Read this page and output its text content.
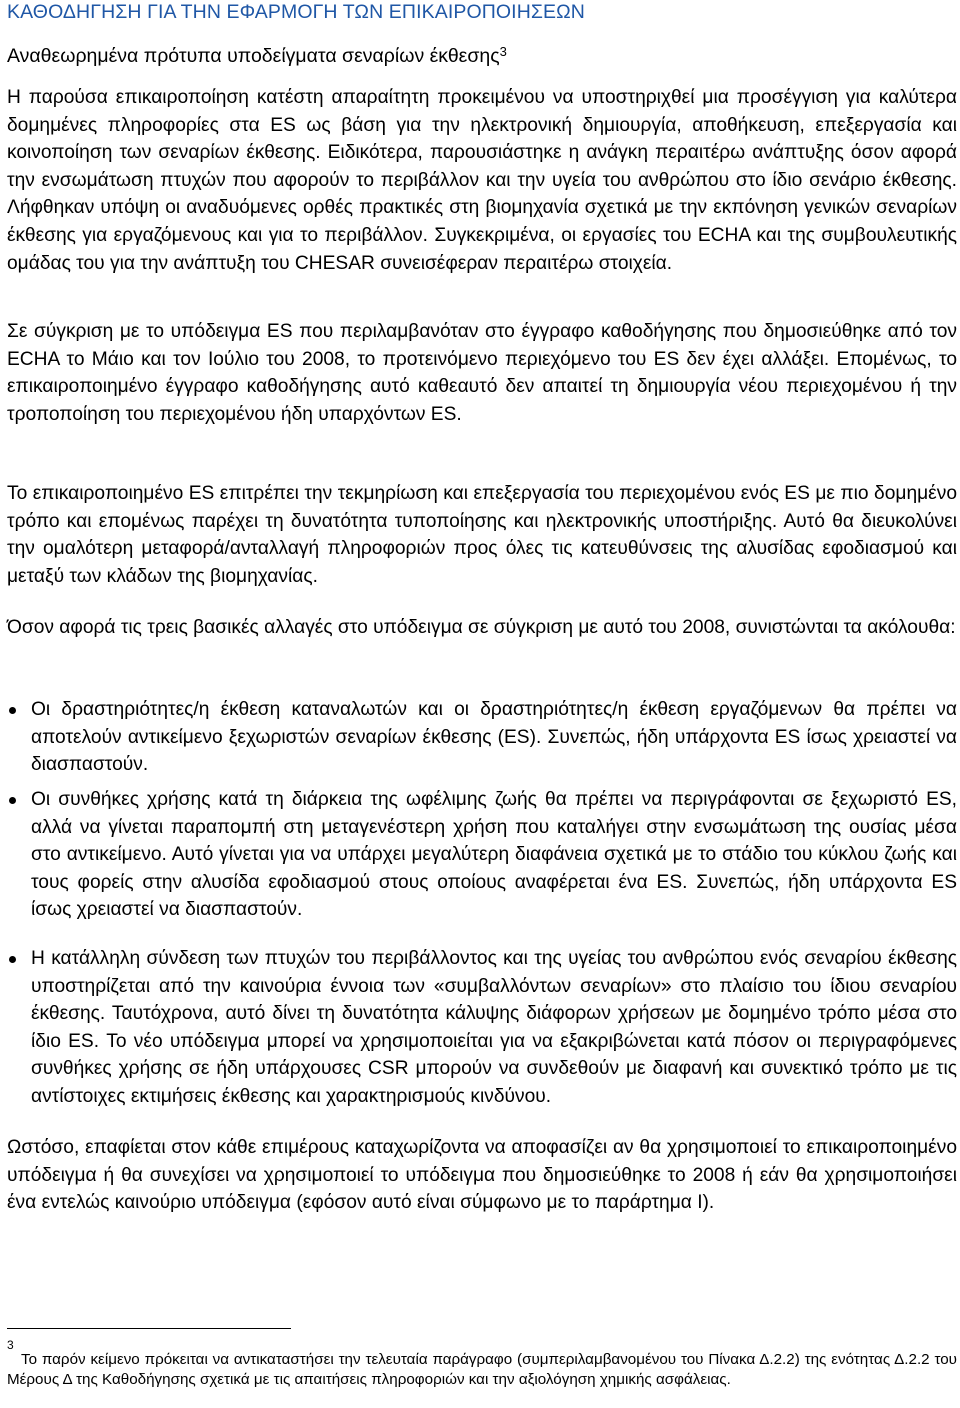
ΚΑΘΟΔΗΓΗΣΗ ΓΙΑ ΤΗΝ ΕΦΑΡΜΟΓΗ ΤΩΝ ΕΠΙΚΑΙΡΟΠΟΙΗΣΕΩΝ

Αναθεωρημένα πρότυπα υποδείγματα σεναρίων έκθεσης$^3$

Η παρούσα επικαιροποίηση κατέστη απαραίτητη προκειμένου να υποστηριχθεί μια προσέγγιση για καλύτερα δομημένες πληροφορίες στα ES ως βάση για την ηλεκτρονική δημιουργία, αποθήκευση, επεξεργασία και κοινοποίηση των σεναρίων έκθεσης. Ειδικότερα, παρουσιάστηκε η ανάγκη περαιτέρω ανάπτυξης όσον αφορά την ενσωμάτωση πτυχών που αφορούν το περιβάλλον και την υγεία του ανθρώπου στο ίδιο σενάριο έκθεσης. Λήφθηκαν υπόψη οι αναδυόμενες ορθές πρακτικές στη βιομηχανία σχετικά με την εκπόνηση γενικών σεναρίων έκθεσης για εργαζόμενους και για το περιβάλλον. Συγκεκριμένα, οι εργασίες του ECHA και της συμβουλευτικής ομάδας του για την ανάπτυξη του CHESAR συνεισέφεραν περαιτέρω στοιχεία.

Σε σύγκριση με το υπόδειγμα ES που περιλαμβανόταν στο έγγραφο καθοδήγησης που δημοσιεύθηκε από τον ECHA το Μάιο και τον Ιούλιο του 2008, το προτεινόμενο περιεχόμενο του ES δεν έχει αλλάξει. Επομένως, το επικαιροποιημένο έγγραφο καθοδήγησης αυτό καθεαυτό δεν απαιτεί τη δημιουργία νέου περιεχομένου ή την τροποποίηση του περιεχομένου ήδη υπαρχόντων ES.

Το επικαιροποιημένο ES επιτρέπει την τεκμηρίωση και επεξεργασία του περιεχομένου ενός ES με πιο δομημένο τρόπο και επομένως παρέχει τη δυνατότητα τυποποίησης και ηλεκτρονικής υποστήριξης. Αυτό θα διευκολύνει την ομαλότερη μεταφορά/ανταλλαγή πληροφοριών προς όλες τις κατευθύνσεις της αλυσίδας εφοδιασμού και μεταξύ των κλάδων της βιομηχανίας.

Όσον αφορά τις τρεις βασικές αλλαγές στο υπόδειγμα σε σύγκριση με αυτό του 2008, συνιστώνται τα ακόλουθα:

Οι δραστηριότητες/η έκθεση καταναλωτών και οι δραστηριότητες/η έκθεση εργαζόμενων θα πρέπει να αποτελούν αντικείμενο ξεχωριστών σεναρίων έκθεσης (ES). Συνεπώς, ήδη υπάρχοντα ES ίσως χρειαστεί να διασπαστούν.
Οι συνθήκες χρήσης κατά τη διάρκεια της ωφέλιμης ζωής θα πρέπει να περιγράφονται σε ξεχωριστό ES, αλλά να γίνεται παραπομπή στη μεταγενέστερη χρήση που καταλήγει στην ενσωμάτωση της ουσίας μέσα στο αντικείμενο. Αυτό γίνεται για να υπάρχει μεγαλύτερη διαφάνεια σχετικά με το στάδιο του κύκλου ζωής και τους φορείς στην αλυσίδα εφοδιασμού στους οποίους αναφέρεται ένα ES. Συνεπώς, ήδη υπάρχοντα ES ίσως χρειαστεί να διασπαστούν.
Η κατάλληλη σύνδεση των πτυχών του περιβάλλοντος και της υγείας του ανθρώπου ενός σεναρίου έκθεσης υποστηρίζεται από την καινούρια έννοια των «συμβαλλόντων σεναρίων» στο πλαίσιο του ίδιου σεναρίου έκθεσης. Ταυτόχρονα, αυτό δίνει τη δυνατότητα κάλυψης διάφορων χρήσεων με δομημένο τρόπο μέσα στο ίδιο ES. Το νέο υπόδειγμα μπορεί να χρησιμοποιείται για να εξακριβώνεται κατά πόσον οι περιγραφόμενες συνθήκες χρήσης σε ήδη υπάρχουσες CSR μπορούν να συνδεθούν με διαφανή και συνεκτικό τρόπο με τις αντίστοιχες εκτιμήσεις έκθεσης και χαρακτηρισμούς κινδύνου.

Ωστόσο, επαφίεται στον κάθε επιμέρους καταχωρίζοντα να αποφασίζει αν θα χρησιμοποιεί το επικαιροποιημένο υπόδειγμα ή θα συνεχίσει να χρησιμοποιεί το υπόδειγμα που δημοσιεύθηκε το 2008 ή εάν θα χρησιμοποιήσει ένα εντελώς καινούριο υπόδειγμα (εφόσον αυτό είναι σύμφωνο με το παράρτημα I).

3

Το παρόν κείμενο πρόκειται να αντικαταστήσει την τελευταία παράγραφο (συμπεριλαμβανομένου του Πίνακα Δ.2.2) της ενότητας Δ.2.2 του Μέρους Δ της Καθοδήγησης σχετικά με τις απαιτήσεις πληροφοριών και την αξιολόγηση χημικής ασφάλειας.
